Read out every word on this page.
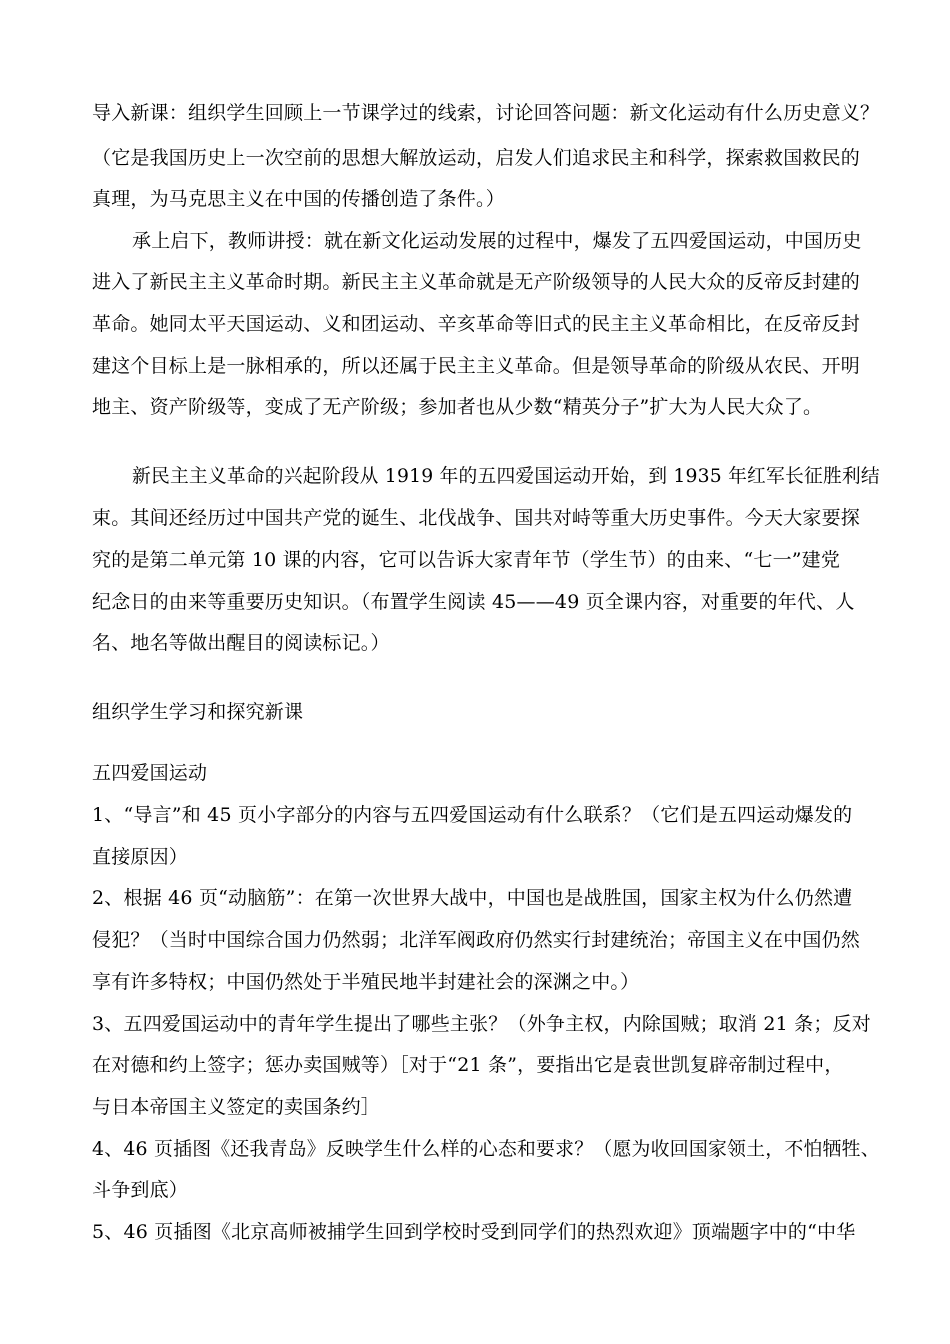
导入新课：组织学生回顾上一节课学过的线索，讨论回答问题：新文化运动有什么历史意义？
（它是我国历史上一次空前的思想大解放运动，启发人们追求民主和科学，探索救国救民的
真理，为马克思主义在中国的传播创造了条件。）
承上启下，教师讲授：就在新文化运动发展的过程中，爆发了五四爱国运动，中国历史
进入了新民主主义革命时期。新民主主义革命就是无产阶级领导的人民大众的反帝反封建的
革命。她同太平天国运动、义和团运动、辛亥革命等旧式的民主主义革命相比，在反帝反封
建这个目标上是一脉相承的，所以还属于民主主义革命。但是领导革命的阶级从农民、开明
地主、资产阶级等，变成了无产阶级；参加者也从少数“精英分子”扩大为人民大众了。
新民主主义革命的兴起阶段从 1919 年的五四爱国运动开始，到 1935 年红军长征胜利结
束。其间还经历过中国共产党的诞生、北伐战争、国共对峙等重大历史事件。今天大家要探
究的是第二单元第 10 课的内容，它可以告诉大家青年节（学生节）的由来、“七一”建党
纪念日的由来等重要历史知识。（布置学生阅读 45——49 页全课内容，对重要的年代、人
名、地名等做出醒目的阅读标记。）
组织学生学习和探究新课
五四爱国运动
1、“导言”和 45 页小字部分的内容与五四爱国运动有什么联系？（它们是五四运动爆发的
直接原因）
2、根据 46 页“动脑筋”：在第一次世界大战中，中国也是战胜国，国家主权为什么仍然遭
侵犯？（当时中国综合国力仍然弱；北洋军阀政府仍然实行封建统治；帝国主义在中国仍然
享有许多特权；中国仍然处于半殖民地半封建社会的深渊之中。）
3、五四爱国运动中的青年学生提出了哪些主张？（外争主权，内除国贼；取消 21 条；反对
在对德和约上签字；惩办卖国贼等）［对于“21 条”，要指出它是袁世凯复辟帝制过程中，
与日本帝国主义签定的卖国条约］
4、46 页插图《还我青岛》反映学生什么样的心态和要求？（愿为收回国家领土，不怕牺牲、
斗争到底）
5、46 页插图《北京高师被捕学生回到学校时受到同学们的热烈欢迎》顶端题字中的“中华
